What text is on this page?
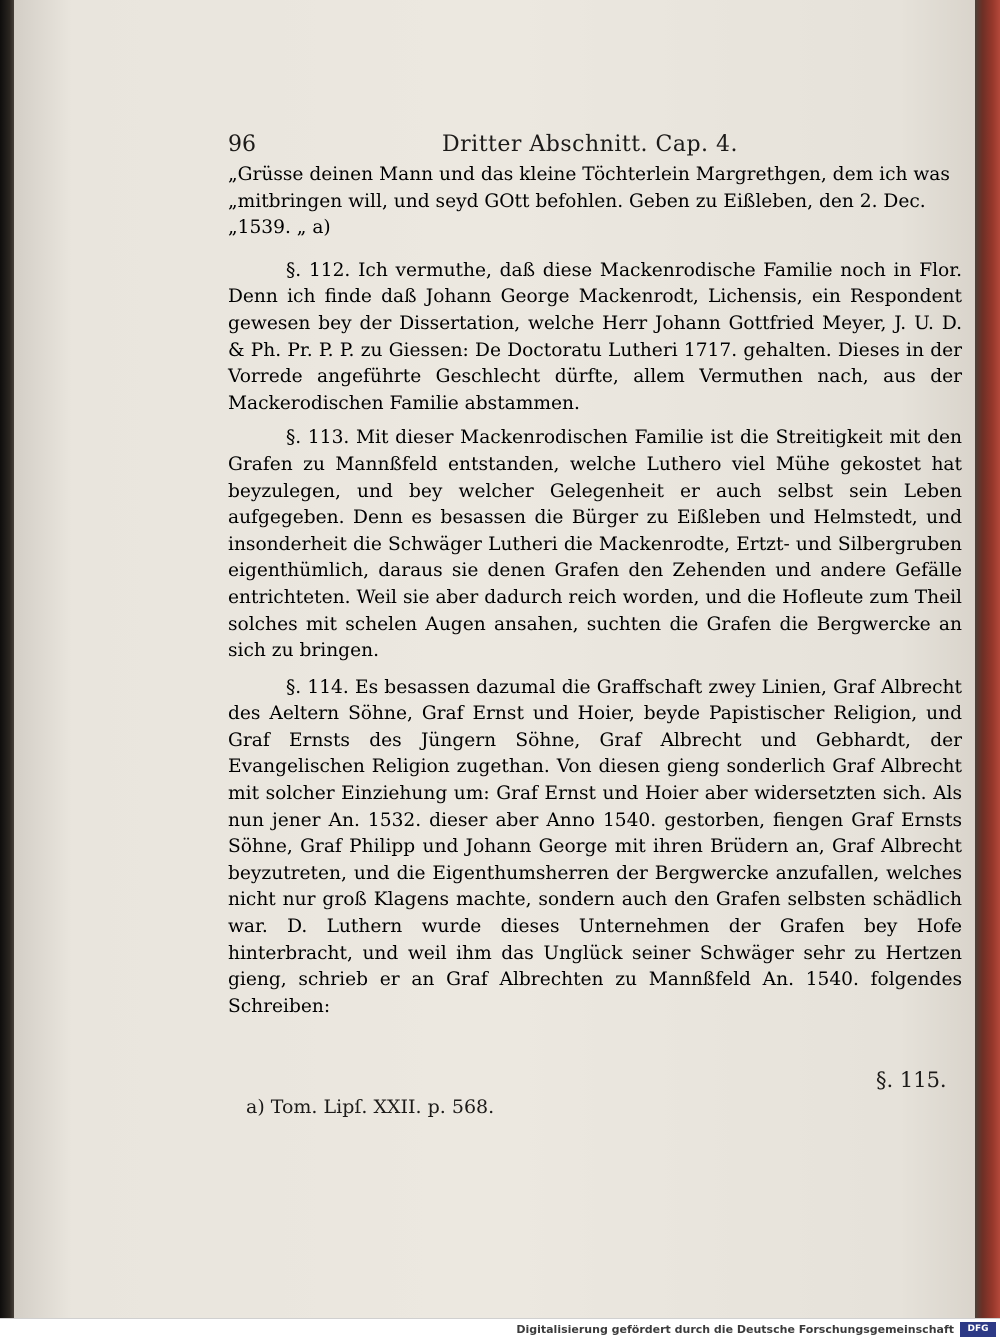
96	Dritter Abschnitt. Cap. 4.

„Grüsse deinen Mann und das kleine Töchterlein Margrethgen, dem ich was

„mitbringen will, und seyd GOtt befohlen. Geben zu Eißleben, den 2. Dec.

„1539. „ a)

§. 112. Ich vermuthe, daß diese Mackenrodische Familie noch in Flor. Denn ich finde daß Johann George Mackenrodt, Lichensis, ein Respondent gewesen bey der Dissertation, welche Herr Johann Gottfried Meyer, J. U. D. & Ph. Pr. P. P. zu Giessen: De Doctoratu Lutheri 1717. gehalten. Dieses in der Vorrede angeführte Geschlecht dürfte, allem Vermuthen nach, aus der Mackerodischen Familie abstammen.

§. 113. Mit dieser Mackenrodischen Familie ist die Streitigkeit mit den Grafen zu Mannßfeld entstanden, welche Luthero viel Mühe gekostet hat beyzulegen, und bey welcher Gelegenheit er auch selbst sein Leben aufgegeben. Denn es besassen die Bürger zu Eißleben und Helmstedt, und insonderheit die Schwäger Lutheri die Mackenrodte, Ertzt- und Silbergruben eigenthümlich, daraus sie denen Grafen den Zehenden und andere Gefälle entrichteten. Weil sie aber dadurch reich worden, und die Hofleute zum Theil solches mit schelen Augen ansahen, suchten die Grafen die Bergwercke an sich zu bringen.

§. 114. Es besassen dazumal die Graffschaft zwey Linien, Graf Albrecht des Aeltern Söhne, Graf Ernst und Hoier, beyde Papistischer Religion, und Graf Ernsts des Jüngern Söhne, Graf Albrecht und Gebhardt, der Evangelischen Religion zugethan. Von diesen gieng sonderlich Graf Albrecht mit solcher Einziehung um: Graf Ernst und Hoier aber widersetzten sich. Als nun jener An. 1532. dieser aber Anno 1540. gestorben, fiengen Graf Ernsts Söhne, Graf Philipp und Johann George mit ihren Brüdern an, Graf Albrecht beyzutreten, und die Eigenthumsherren der Bergwercke anzufallen, welches nicht nur groß Klagens machte, sondern auch den Grafen selbsten schädlich war. D. Luthern wurde dieses Unternehmen der Grafen bey Hofe hinterbracht, und weil ihm das Unglück seiner Schwäger sehr zu Hertzen gieng, schrieb er an Graf Albrechten zu Mannßfeld An. 1540. folgendes Schreiben:

§. 115.
a) Tom. Lipſ. XXII. p. 568.
Digitalisierung gefördert durch die Deutsche Forschungsgemeinschaft	DFG
